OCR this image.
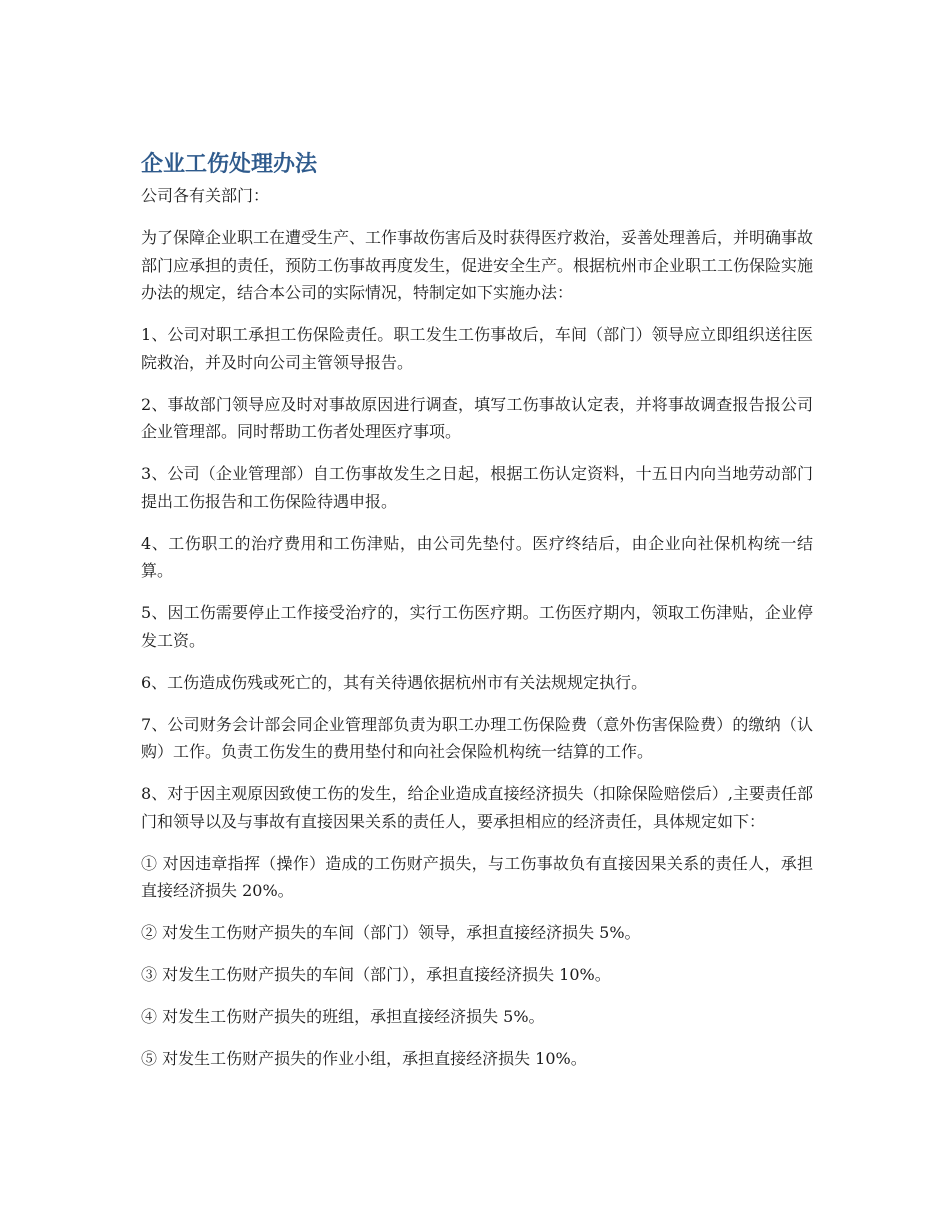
企业工伤处理办法

公司各有关部门：

为了保障企业职工在遭受生产、工作事故伤害后及时获得医疗救治，妥善处理善后，并明确事故部门应承担的责任，预防工伤事故再度发生，促进安全生产。根据杭州市企业职工工伤保险实施办法的规定，结合本公司的实际情况，特制定如下实施办法：

1、公司对职工承担工伤保险责任。职工发生工伤事故后，车间（部门）领导应立即组织送往医院救治，并及时向公司主管领导报告。

2、事故部门领导应及时对事故原因进行调查，填写工伤事故认定表，并将事故调查报告报公司企业管理部。同时帮助工伤者处理医疗事项。

3、公司（企业管理部）自工伤事故发生之日起，根据工伤认定资料，十五日内向当地劳动部门提出工伤报告和工伤保险待遇申报。

4、工伤职工的治疗费用和工伤津贴，由公司先垫付。医疗终结后，由企业向社保机构统一结算。

5、因工伤需要停止工作接受治疗的，实行工伤医疗期。工伤医疗期内，领取工伤津贴，企业停发工资。

6、工伤造成伤残或死亡的，其有关待遇依据杭州市有关法规规定执行。

7、公司财务会计部会同企业管理部负责为职工办理工伤保险费（意外伤害保险费）的缴纳（认购）工作。负责工伤发生的费用垫付和向社会保险机构统一结算的工作。

8、对于因主观原因致使工伤的发生，给企业造成直接经济损失（扣除保险赔偿后）,主要责任部门和领导以及与事故有直接因果关系的责任人，要承担相应的经济责任，具体规定如下：

① 对因违章指挥（操作）造成的工伤财产损失，与工伤事故负有直接因果关系的责任人，承担直接经济损失 20%。

② 对发生工伤财产损失的车间（部门）领导，承担直接经济损失 5%。

③ 对发生工伤财产损失的车间（部门），承担直接经济损失 10%。

④ 对发生工伤财产损失的班组，承担直接经济损失 5%。

⑤ 对发生工伤财产损失的作业小组，承担直接经济损失 10%。
